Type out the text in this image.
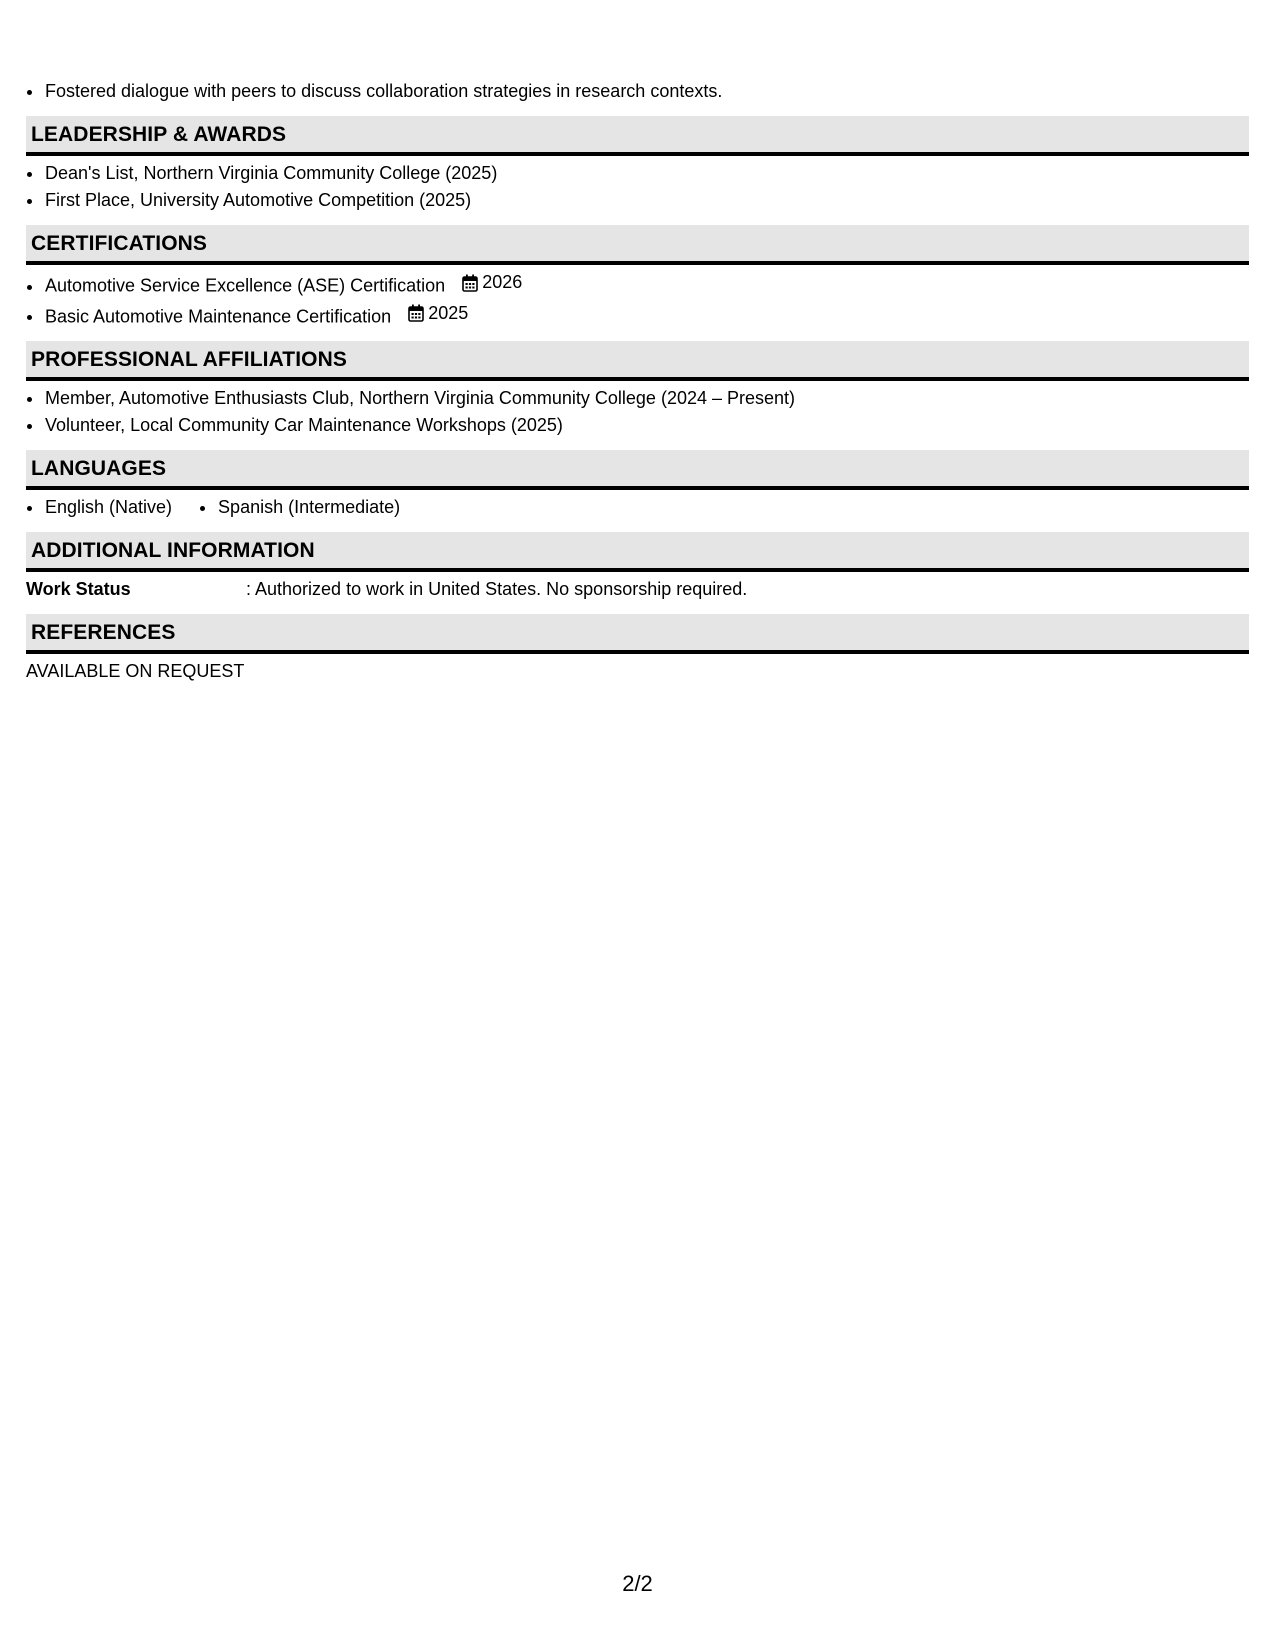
• Fostered dialogue with peers to discuss collaboration strategies in research contexts.
LEADERSHIP & AWARDS
• Dean's List, Northern Virginia Community College (2025)
• First Place, University Automotive Competition (2025)
CERTIFICATIONS
• Automotive Service Excellence (ASE) Certification 2026
• Basic Automotive Maintenance Certification 2025
PROFESSIONAL AFFILIATIONS
• Member, Automotive Enthusiasts Club, Northern Virginia Community College (2024 – Present)
• Volunteer, Local Community Car Maintenance Workshops (2025)
LANGUAGES
• English (Native)
•	Spanish (Intermediate)
ADDITIONAL INFORMATION
Work Status	: Authorized to work in United States. No sponsorship required.
REFERENCES
AVAILABLE ON REQUEST
2/2
